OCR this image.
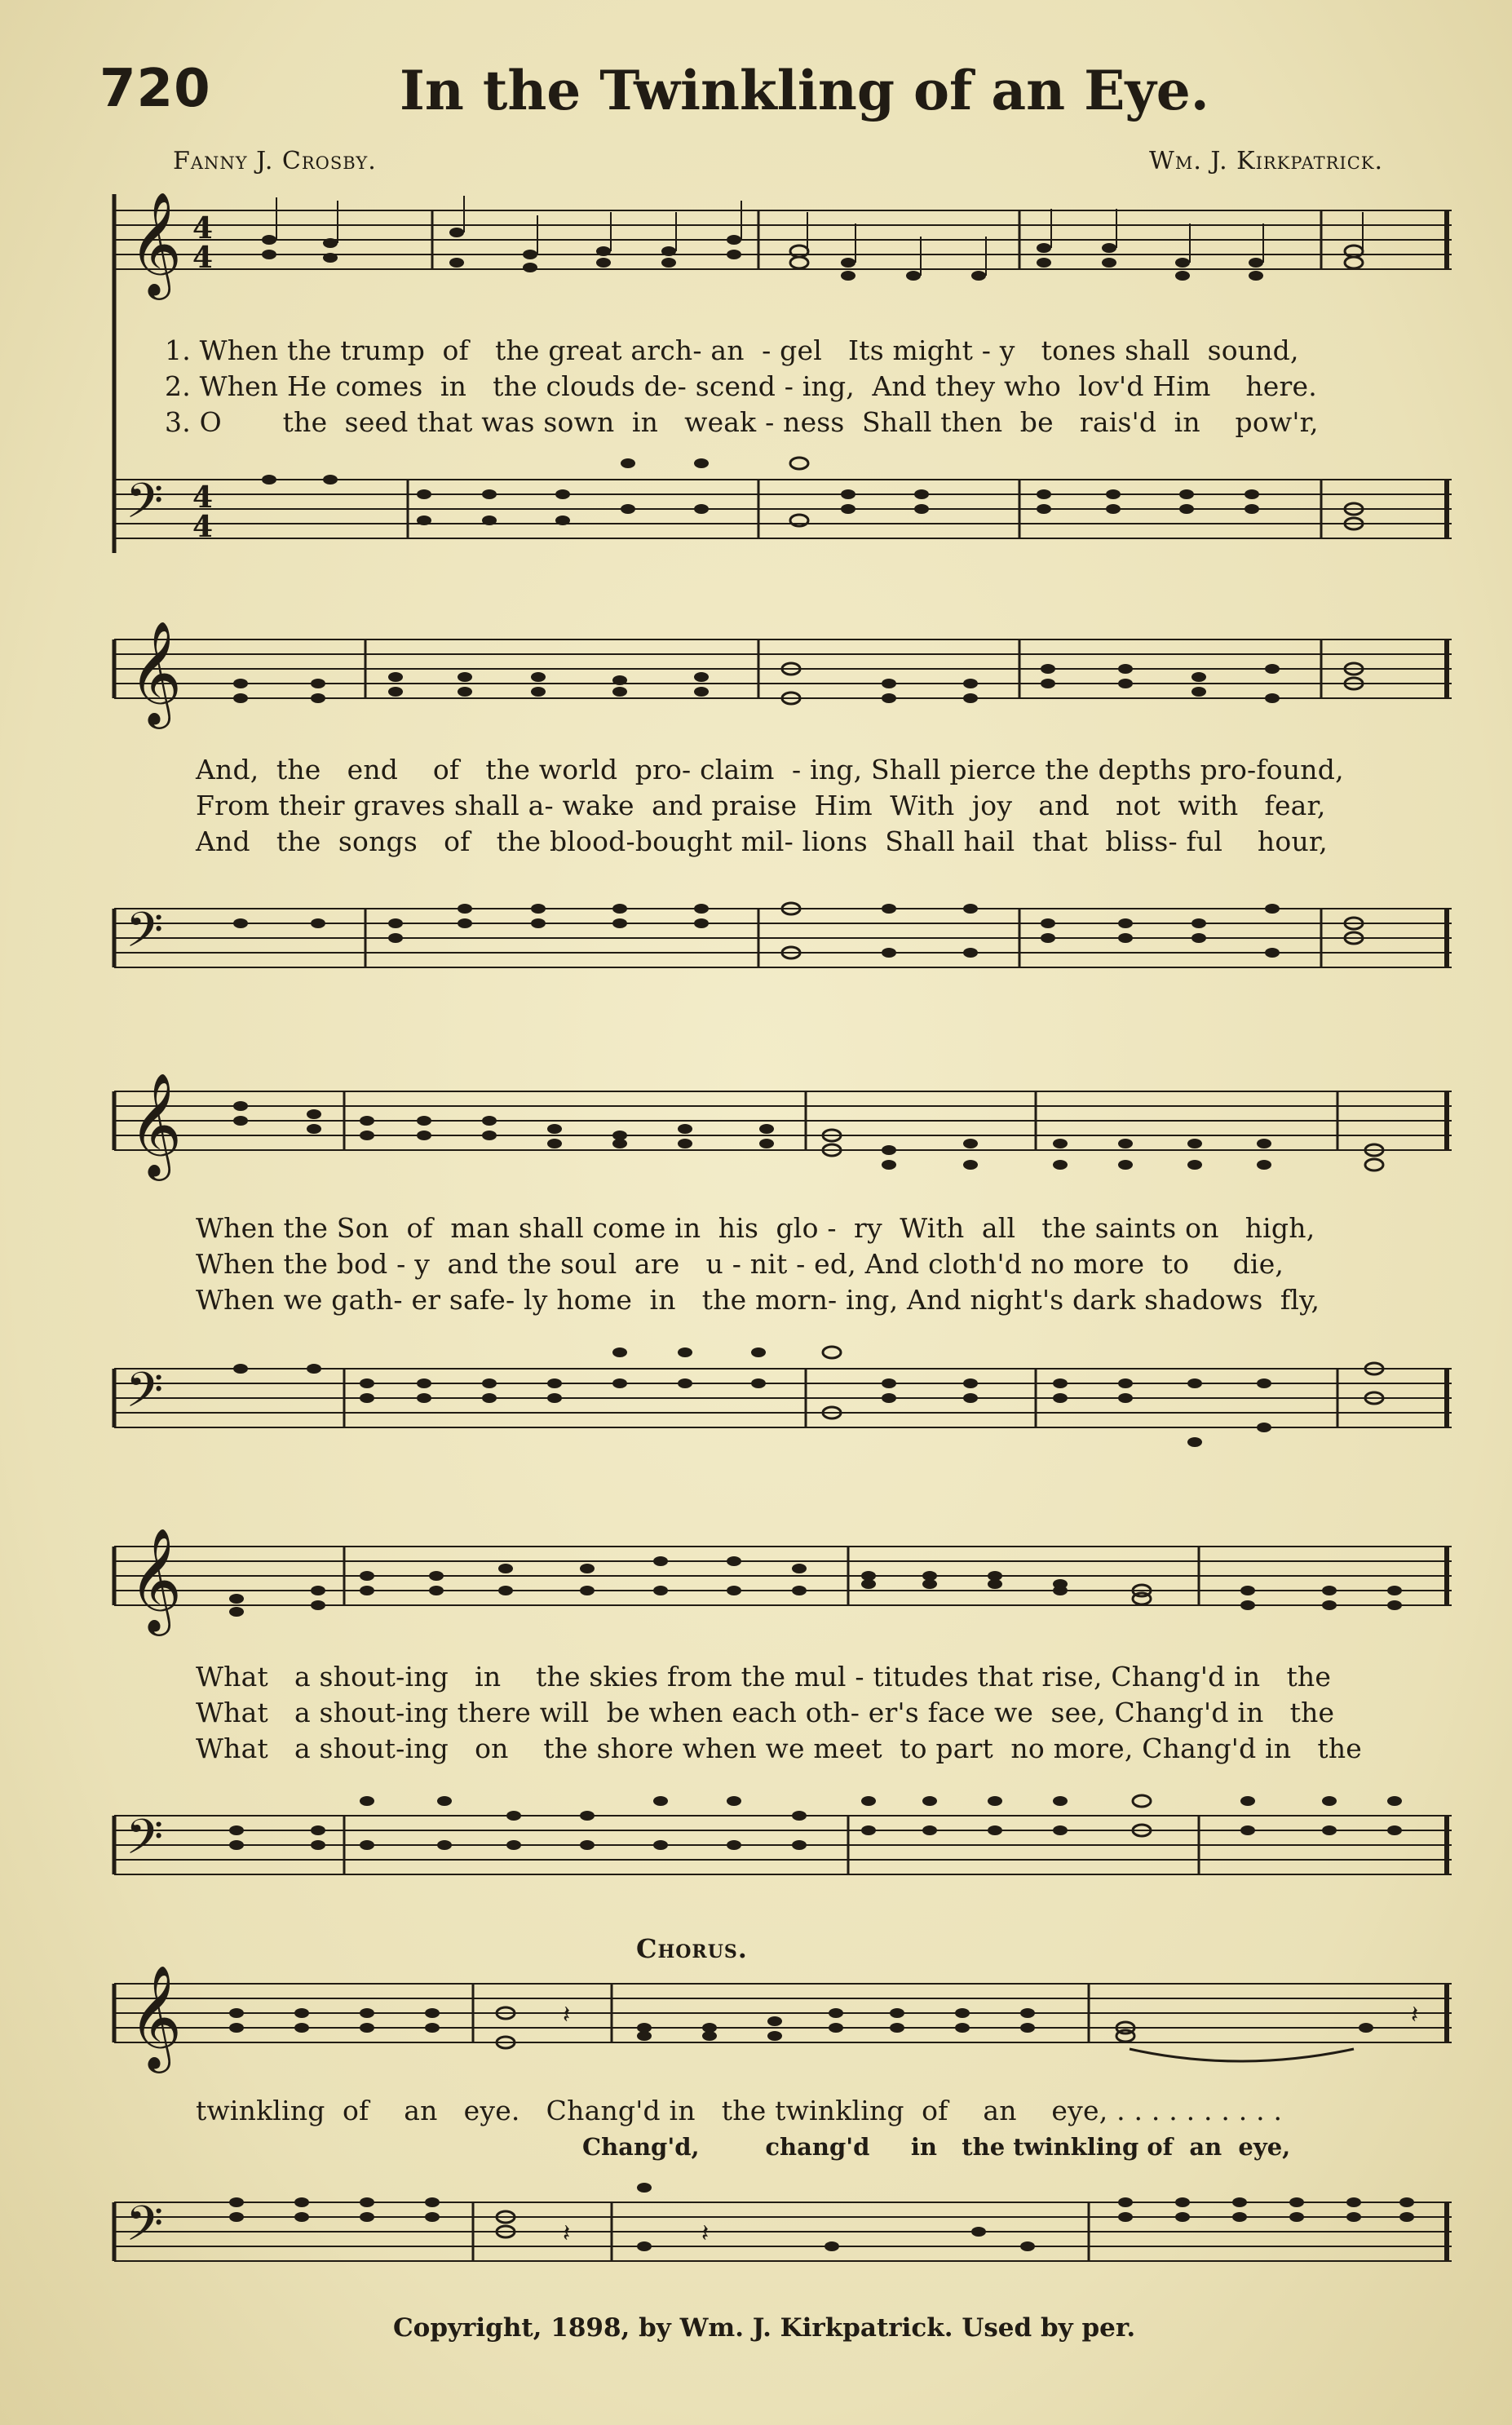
720	In the Twinkling of an Eye.
Fanny J. Crosby.	Wm. J. Kirkpatrick.
𝄞 4
4
1. When the trump  of   the great arch- an  - gel   Its might - y   tones shall  sound,
2. When He comes  in   the clouds de- scend - ing,  And they who  lov'd Him    here.
3. O       the  seed that was sown  in   weak - ness  Shall then  be   rais'd  in    pow'r,
𝄢 4
4
𝄞
And,  the   end    of   the world  pro- claim  - ing, Shall pierce the depths pro-found,
From their graves shall a- wake  and praise  Him  With  joy   and   not  with   fear,
And   the  songs   of   the blood-bought mil- lions  Shall hail  that  bliss- ful    hour,
𝄢
𝄞
When the Son  of  man shall come in  his  glo -  ry  With  all   the saints on   high,
When the bod - y  and the soul  are   u - nit - ed, And cloth'd no more  to     die,
When we gath- er safe- ly home  in   the morn- ing, And night's dark shadows  fly,
𝄢
𝄞
What   a shout-ing   in    the skies from the mul - titudes that rise, Chang'd in   the
What   a shout-ing there will  be when each oth- er's face we  see, Chang'd in   the
What   a shout-ing   on    the shore when we meet  to part  no more, Chang'd in   the
𝄢
Chorus.
𝄞	𝄽	𝄽
twinkling  of    an   eye.   Chang'd in   the twinkling  of    an    eye, . . . . . . . . . .
𝄢	𝄽	𝄽
Chang'd,        chang'd     in   the twinkling of  an  eye,
Copyright, 1898, by Wm. J. Kirkpatrick. Used by per.
